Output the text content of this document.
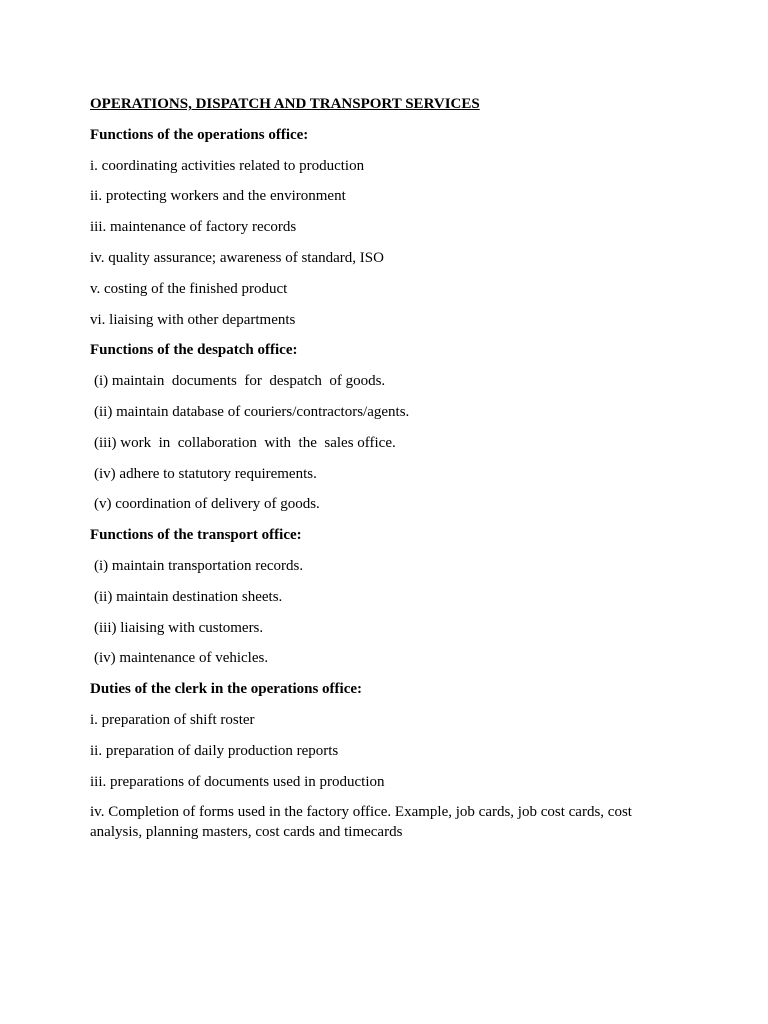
OPERATIONS, DISPATCH AND TRANSPORT SERVICES

Functions of the operations office:

i. coordinating activities related to production

ii. protecting workers and the environment

iii. maintenance of factory records

iv. quality assurance; awareness of standard, ISO

v. costing of the finished product

vi. liaising with other departments

Functions of the despatch office:

(i) maintain  documents  for  despatch  of goods.

(ii) maintain database of couriers/contractors/agents.

(iii) work  in  collaboration  with  the  sales office.

(iv) adhere to statutory requirements.

(v) coordination of delivery of goods.

Functions of the transport office:

(i) maintain transportation records.

(ii) maintain destination sheets.

(iii) liaising with customers.

(iv) maintenance of vehicles.

Duties of the clerk in the operations office:

i. preparation of shift roster

ii. preparation of daily production reports

iii. preparations of documents used in production

iv. Completion of forms used in the factory office. Example, job cards, job cost cards, cost analysis, planning masters, cost cards and timecards
